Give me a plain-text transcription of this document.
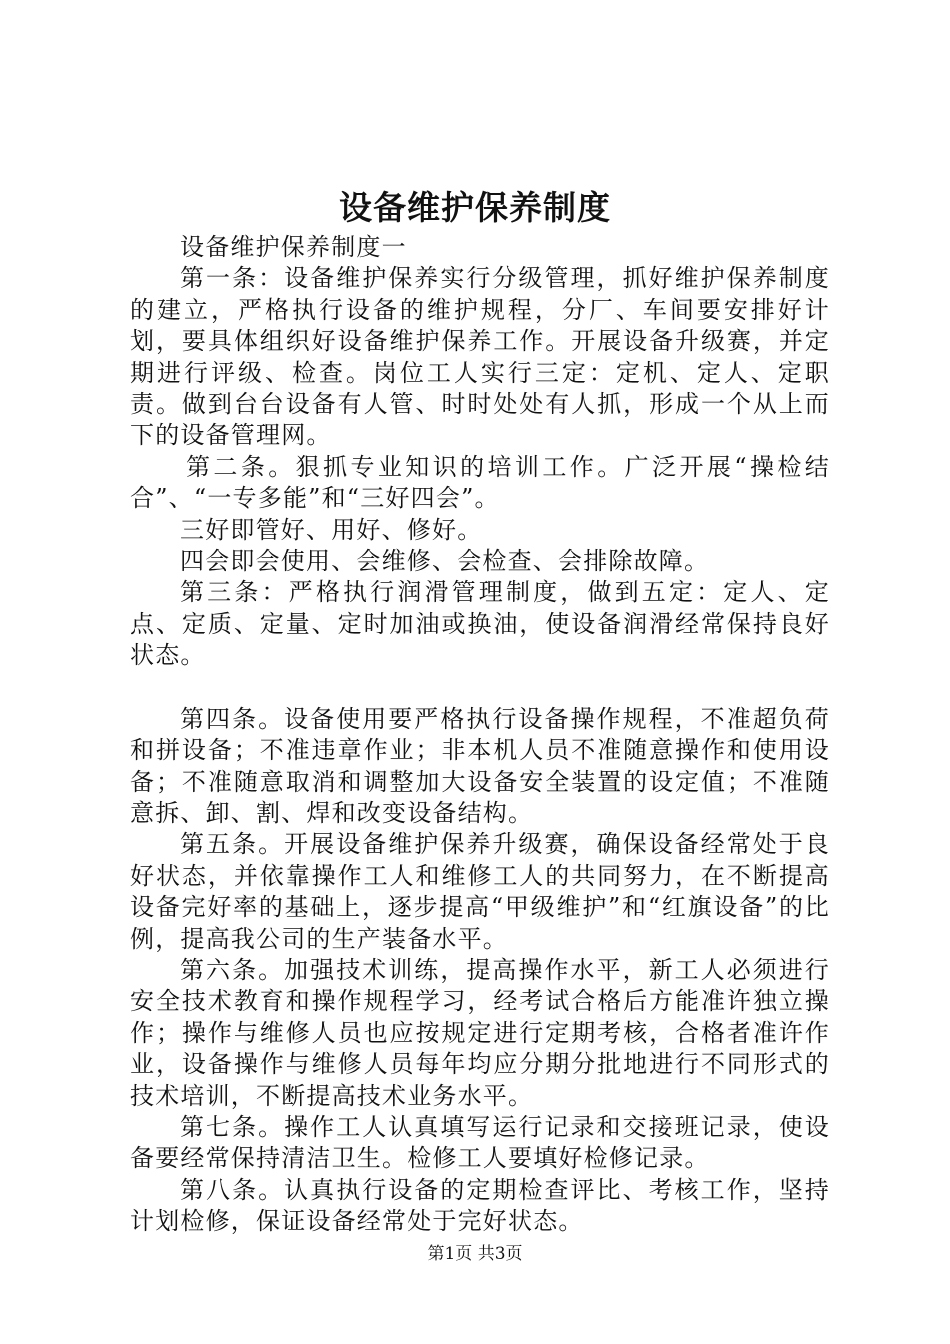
设备维护保养制度

设备维护保养制度一

第一条：设备维护保养实行分级管理，抓好维护保养制度的建立，严格执行设备的维护规程，分厂、车间要安排好计划，要具体组织好设备维护保养工作。开展设备升级赛，并定期进行评级、检查。岗位工人实行三定：定机、定人、定职责。做到台台设备有人管、时时处处有人抓，形成一个从上而下的设备管理网。

第二条。狠抓专业知识的培训工作。广泛开展“操检结合”、“一专多能”和“三好四会”。

三好即管好、用好、修好。

四会即会使用、会维修、会检查、会排除故障。

第三条：严格执行润滑管理制度，做到五定：定人、定点、定质、定量、定时加油或换油，使设备润滑经常保持良好状态。

第四条。设备使用要严格执行设备操作规程，不准超负荷和拼设备；不准违章作业；非本机人员不准随意操作和使用设备；不准随意取消和调整加大设备安全装置的设定值；不准随意拆、卸、割、焊和改变设备结构。

第五条。开展设备维护保养升级赛，确保设备经常处于良好状态，并依靠操作工人和维修工人的共同努力，在不断提高设备完好率的基础上，逐步提高“甲级维护”和“红旗设备”的比例，提高我公司的生产装备水平。

第六条。加强技术训练，提高操作水平，新工人必须进行安全技术教育和操作规程学习，经考试合格后方能准许独立操作；操作与维修人员也应按规定进行定期考核，合格者准许作业，设备操作与维修人员每年均应分期分批地进行不同形式的技术培训，不断提高技术业务水平。

第七条。操作工人认真填写运行记录和交接班记录，使设备要经常保持清洁卫生。检修工人要填好检修记录。

第八条。认真执行设备的定期检查评比、考核工作，坚持计划检修，保证设备经常处于完好状态。

第1页 共3页
